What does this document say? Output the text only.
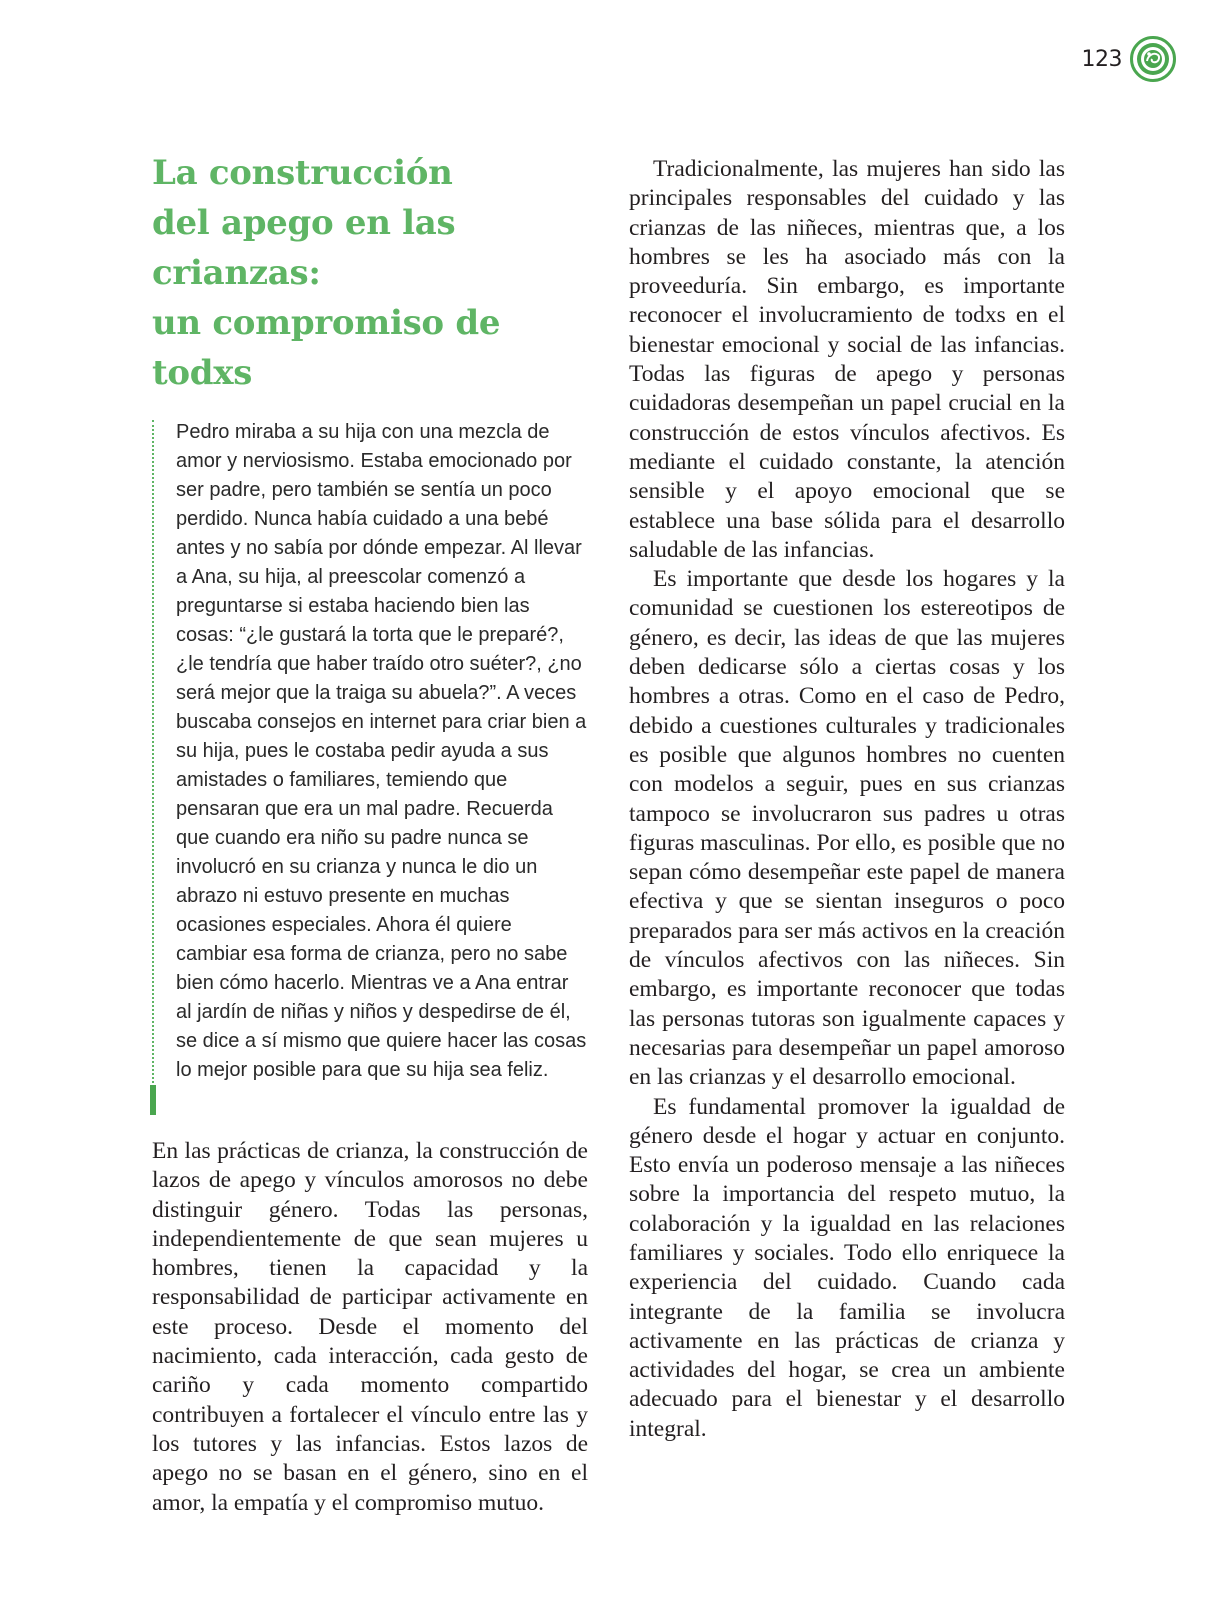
123
La construcción
del apego en las crianzas:
un compromiso de todxs

Pedro miraba a su hija con una mezcla de amor y nerviosismo. Estaba emocionado por ser padre, pero también se sentía un poco perdido. Nunca había cuidado a una bebé antes y no sabía por dónde empezar. Al llevar a Ana, su hija, al preescolar comenzó a preguntarse si estaba haciendo bien las cosas: “¿le gustará la torta que le preparé?, ¿le tendría que haber traído otro suéter?, ¿no será mejor que la traiga su abuela?”. A veces buscaba consejos en internet para criar bien a su hija, pues le costaba pedir ayuda a sus amistades o familiares, temiendo que pensaran que era un mal padre. Recuerda que cuando era niño su padre nunca se involucró en su crianza y nunca le dio un abrazo ni estuvo presente en muchas ocasiones especiales. Ahora él quiere cambiar esa forma de crianza, pero no sabe bien cómo hacerlo. Mientras ve a Ana entrar al jardín de niñas y niños y despedirse de él, se dice a sí mismo que quiere hacer las cosas lo mejor posible para que su hija sea feliz.

En las prácticas de crianza, la construcción de lazos de apego y vínculos amorosos no debe distinguir género. Todas las personas, independientemente de que sean mujeres u hombres, tienen la capacidad y la responsabilidad de participar activamente en este proceso. Desde el momento del nacimiento, cada interacción, cada gesto de cariño y cada momento compartido contribuyen a fortalecer el vínculo entre las y los tutores y las infancias. Estos lazos de apego no se basan en el género, sino en el amor, la empatía y el compromiso mutuo.

Tradicionalmente, las mujeres han sido las principales responsables del cuidado y las crianzas de las niñeces, mientras que, a los hombres se les ha asociado más con la proveeduría. Sin embargo, es importante reconocer el involucramiento de todxs en el bienestar emocional y social de las infancias. Todas las figuras de apego y personas cuidadoras desempeñan un papel crucial en la construcción de estos vínculos afectivos. Es mediante el cuidado constante, la atención sensible y el apoyo emocional que se establece una base sólida para el desarrollo saludable de las infancias.

Es importante que desde los hogares y la comunidad se cuestionen los estereotipos de género, es decir, las ideas de que las mujeres deben dedicarse sólo a ciertas cosas y los hombres a otras. Como en el caso de Pedro, debido a cuestiones culturales y tradicionales es posible que algunos hombres no cuenten con modelos a seguir, pues en sus crianzas tampoco se involucraron sus padres u otras figuras masculinas. Por ello, es posible que no sepan cómo desempeñar este papel de manera efectiva y que se sientan inseguros o poco preparados para ser más activos en la creación de vínculos afectivos con las niñeces. Sin embargo, es importante reconocer que todas las personas tutoras son igualmente capaces y necesarias para desempeñar un papel amoroso en las crianzas y el desarrollo emocional.

Es fundamental promover la igualdad de género desde el hogar y actuar en conjunto. Esto envía un poderoso mensaje a las niñeces sobre la importancia del respeto mutuo, la colaboración y la igualdad en las relaciones familiares y sociales. Todo ello enriquece la experiencia del cuidado. Cuando cada integrante de la familia se involucra activamente en las prácticas de crianza y actividades del hogar, se crea un ambiente adecuado para el bienestar y el desarrollo integral.
